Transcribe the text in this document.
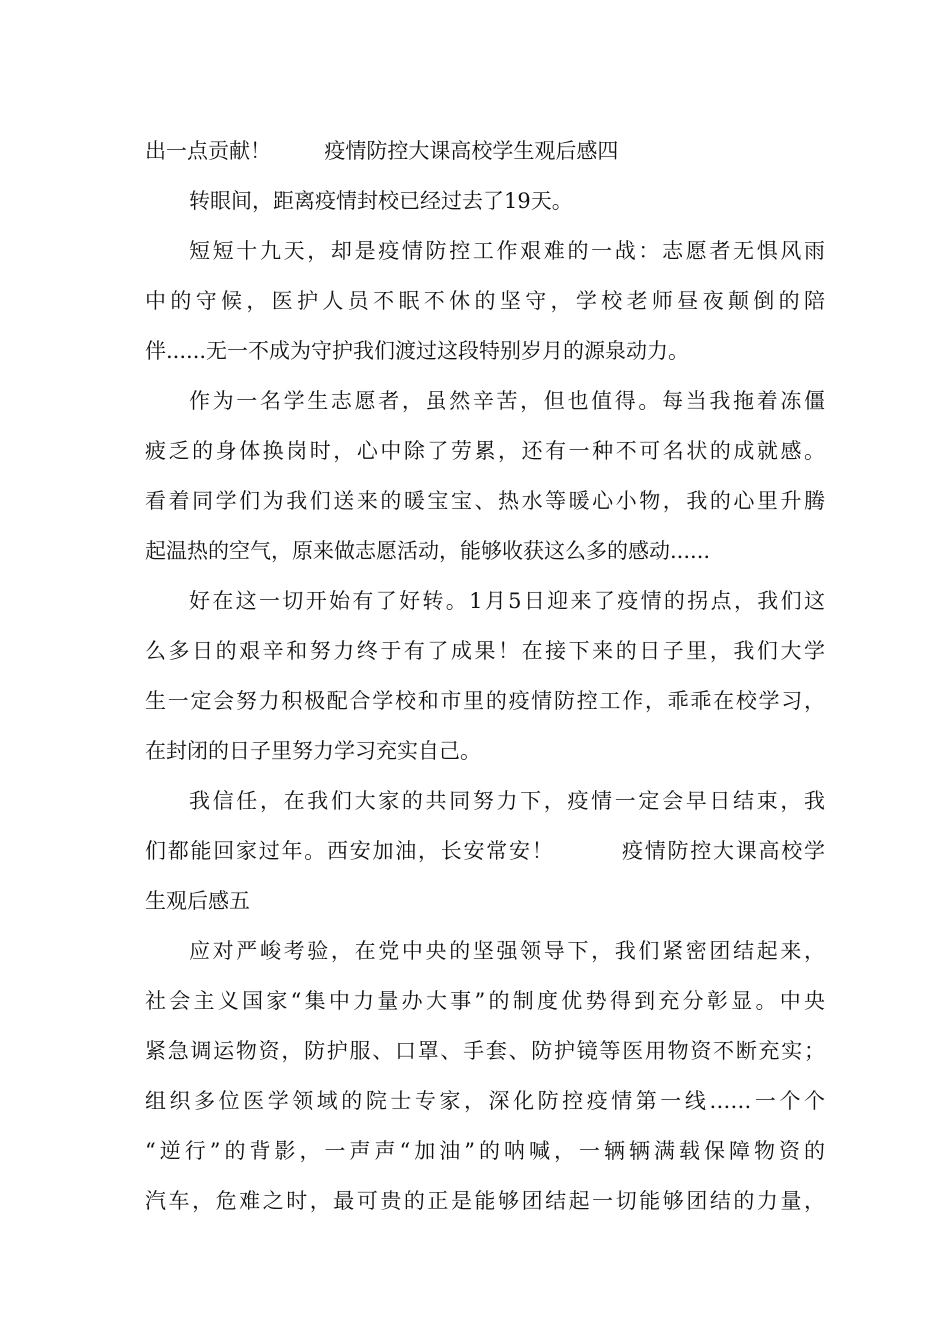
出一点贡献！        疫情防控大课高校学生观后感四
转眼间，距离疫情封校已经过去了19天。
短短十九天，却是疫情防控工作艰难的一战：志愿者无惧风雨
中的守候，医护人员不眠不休的坚守，学校老师昼夜颠倒的陪
伴......无一不成为守护我们渡过这段特别岁月的源泉动力。
作为一名学生志愿者，虽然辛苦，但也值得。每当我拖着冻僵
疲乏的身体换岗时，心中除了劳累，还有一种不可名状的成就感。
看着同学们为我们送来的暖宝宝、热水等暖心小物，我的心里升腾
起温热的空气，原来做志愿活动，能够收获这么多的感动......
好在这一切开始有了好转。1月5日迎来了疫情的拐点，我们这
么多日的艰辛和努力终于有了成果！在接下来的日子里，我们大学
生一定会努力积极配合学校和市里的疫情防控工作，乖乖在校学习，
在封闭的日子里努力学习充实自己。
我信任，在我们大家的共同努力下，疫情一定会早日结束，我
们都能回家过年。西安加油，长安常安！        疫情防控大课高校学
生观后感五
应对严峻考验，在党中央的坚强领导下，我们紧密团结起来，
社会主义国家“集中力量办大事”的制度优势得到充分彰显。中央
紧急调运物资，防护服、口罩、手套、防护镜等医用物资不断充实；
组织多位医学领域的院士专家，深化防控疫情第一线……一个个
“逆行”的背影，一声声“加油”的呐喊，一辆辆满载保障物资的
汽车，危难之时，最可贵的正是能够团结起一切能够团结的力量，
